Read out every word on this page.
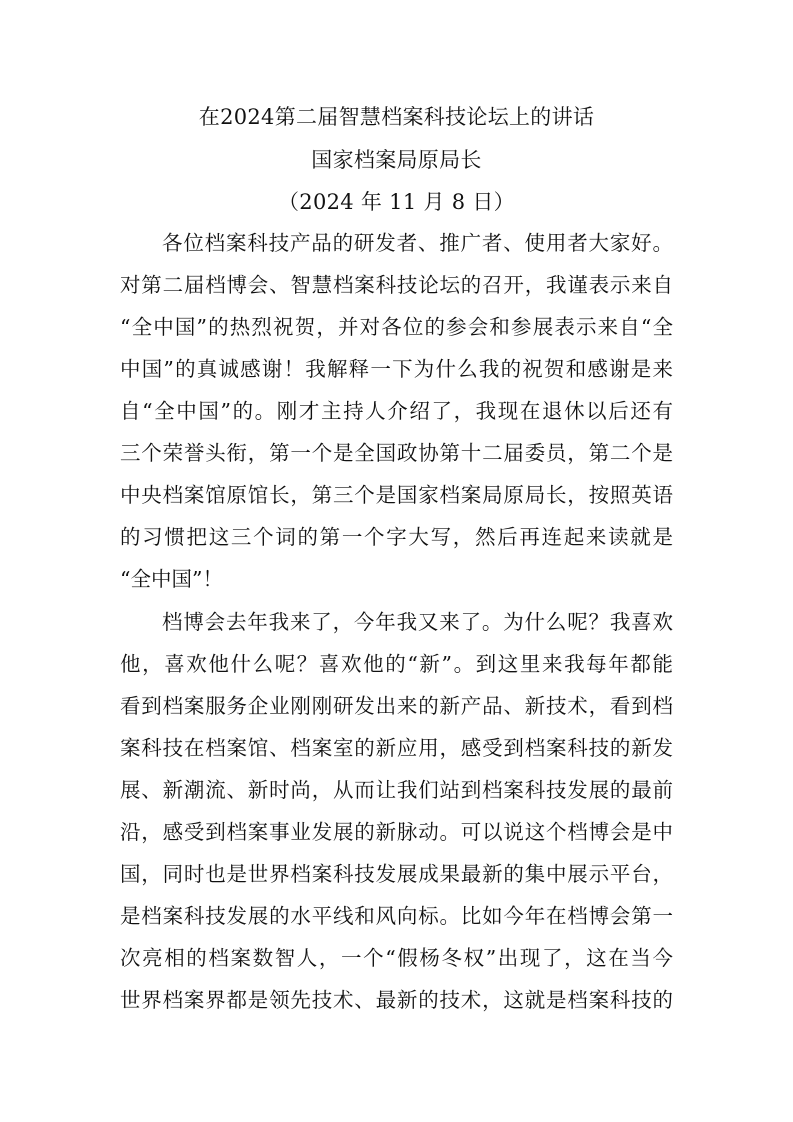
在2024第二届智慧档案科技论坛上的讲话
国家档案局原局长
（2024 年 11 月 8 日）
各位档案科技产品的研发者、推广者、使用者大家好。
对第二届档博会、智慧档案科技论坛的召开，我谨表示来自
“全中国”的热烈祝贺，并对各位的参会和参展表示来自“全
中国”的真诚感谢！我解释一下为什么我的祝贺和感谢是来
自“全中国”的。刚才主持人介绍了，我现在退休以后还有
三个荣誉头衔，第一个是全国政协第十二届委员，第二个是
中央档案馆原馆长，第三个是国家档案局原局长，按照英语
的习惯把这三个词的第一个字大写，然后再连起来读就是
“全中国”！
档博会去年我来了，今年我又来了。为什么呢？我喜欢
他，喜欢他什么呢？喜欢他的“新”。到这里来我每年都能
看到档案服务企业刚刚研发出来的新产品、新技术，看到档
案科技在档案馆、档案室的新应用，感受到档案科技的新发
展、新潮流、新时尚，从而让我们站到档案科技发展的最前
沿，感受到档案事业发展的新脉动。可以说这个档博会是中
国，同时也是世界档案科技发展成果最新的集中展示平台，
是档案科技发展的水平线和风向标。比如今年在档博会第一
次亮相的档案数智人，一个“假杨冬权”出现了，这在当今
世界档案界都是领先技术、最新的技术，这就是档案科技的
